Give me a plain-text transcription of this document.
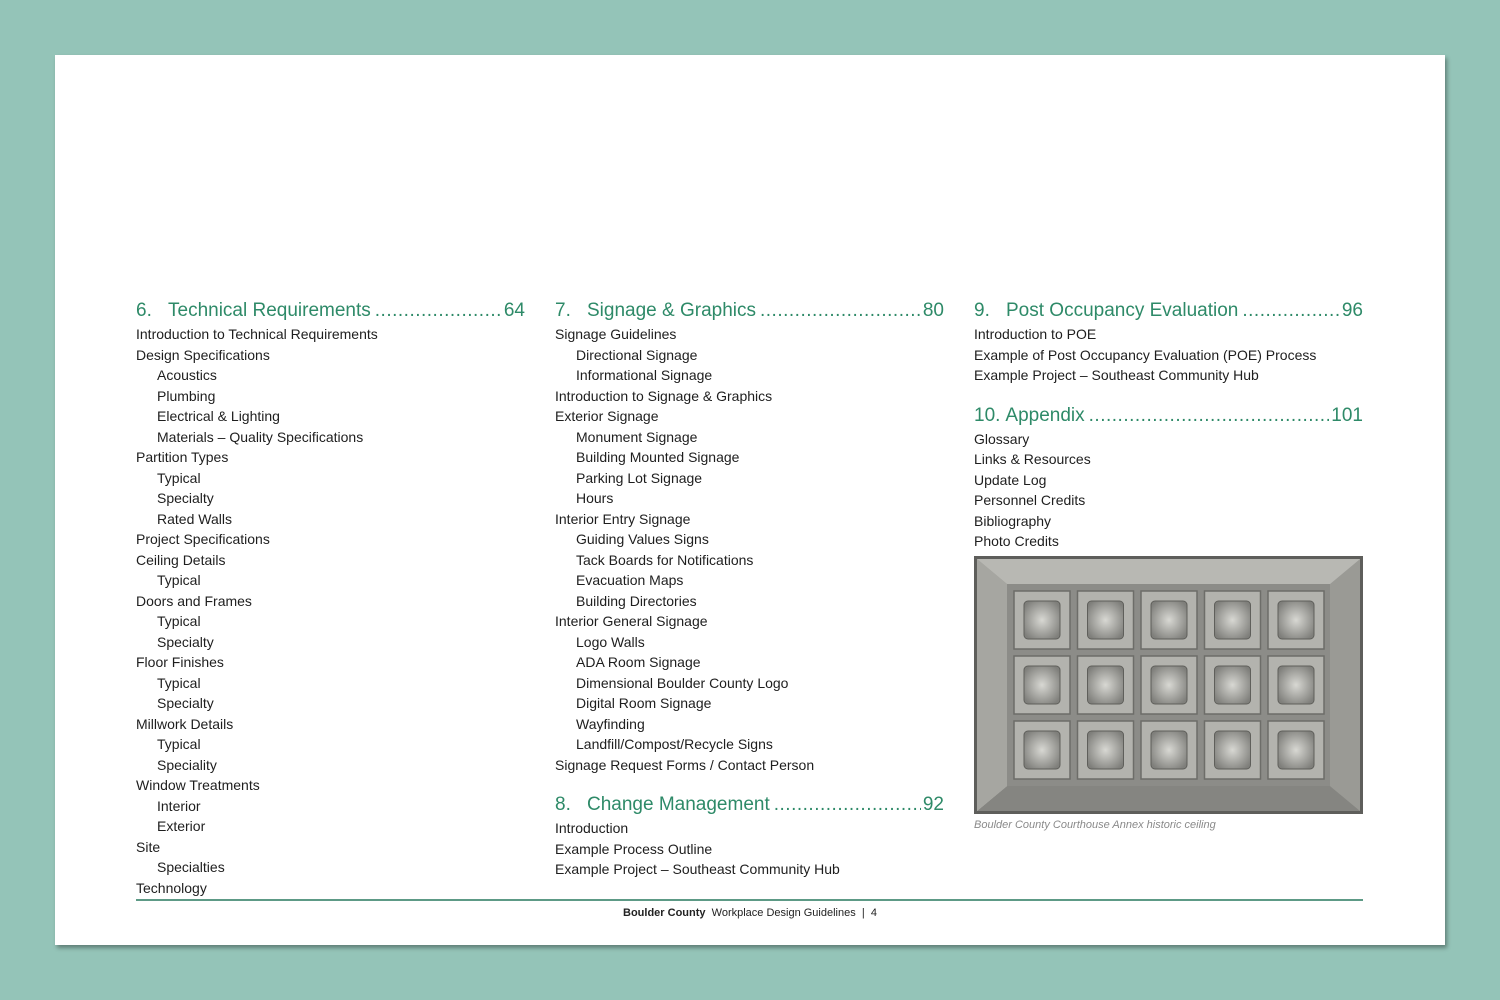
6. Technical Requirements .....	64
Introduction to Technical Requirements
Design Specifications
Acoustics
Plumbing
Electrical & Lighting
Materials – Quality Specifications
Partition Types
Typical
Specialty
Rated Walls
Project Specifications
Ceiling Details
Typical
Doors and Frames
Typical
Specialty
Floor Finishes
Typical
Specialty
Millwork Details
Typical
Speciality
Window Treatments
Interior
Exterior
Site
Specialties
Technology
7. Signage & Graphics .....	80
Signage Guidelines
Directional Signage
Informational Signage
Introduction to Signage & Graphics
Exterior Signage
Monument Signage
Building Mounted Signage
Parking Lot Signage
Hours
Interior Entry Signage
Guiding Values Signs
Tack Boards for Notifications
Evacuation Maps
Building Directories
Interior General Signage
Logo Walls
ADA Room Signage
Dimensional Boulder County Logo
Digital Room Signage
Wayfinding
Landfill/Compost/Recycle Signs
Signage Request Forms / Contact Person
8. Change Management .....	92
Introduction
Example Process Outline
Example Project – Southeast Community Hub
9. Post Occupancy Evaluation .....	96
Introduction to POE
Example of Post Occupancy Evaluation (POE) Process
Example Project – Southeast Community Hub
10. Appendix .....	101
Glossary
Links & Resources
Update Log
Personnel Credits
Bibliography
Photo Credits
Boulder County Courthouse Annex historic ceiling
Boulder County Workplace Design Guidelines | 4
